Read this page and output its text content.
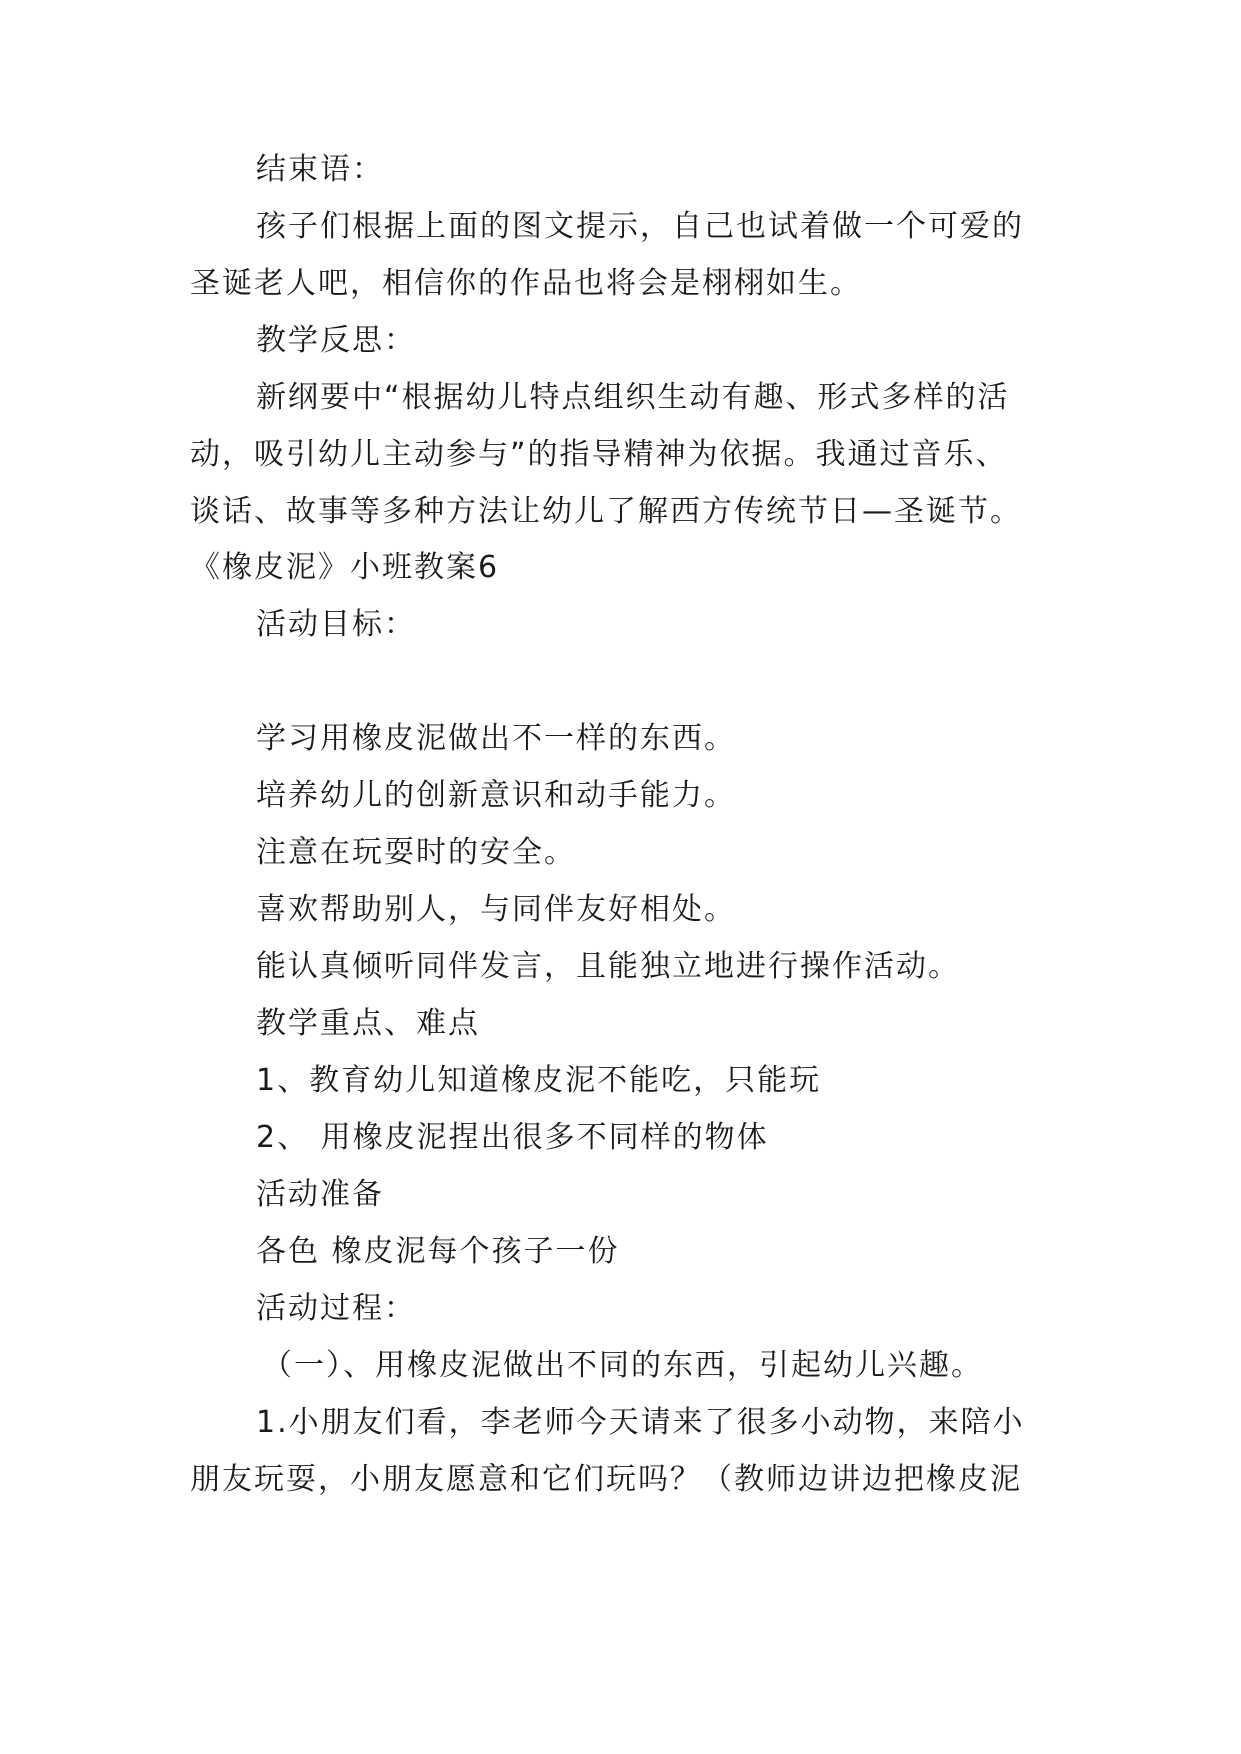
结束语：
孩子们根据上面的图文提示，自己也试着做一个可爱的
圣诞老人吧，相信你的作品也将会是栩栩如生。
教学反思：
新纲要中“根据幼儿特点组织生动有趣、形式多样的活
动，吸引幼儿主动参与”的指导精神为依据。我通过音乐、
谈话、故事等多种方法让幼儿了解西方传统节日—圣诞节。
《橡皮泥》小班教案6
活动目标：
学习用橡皮泥做出不一样的东西。
培养幼儿的创新意识和动手能力。
注意在玩耍时的安全。
喜欢帮助别人，与同伴友好相处。
能认真倾听同伴发言，且能独立地进行操作活动。
教学重点、难点
1、教育幼儿知道橡皮泥不能吃，只能玩
2、 用橡皮泥捏出很多不同样的物体
活动准备
各色 橡皮泥每个孩子一份
活动过程：
（一）、用橡皮泥做出不同的东西，引起幼儿兴趣。
1.小朋友们看，李老师今天请来了很多小动物，来陪小
朋友玩耍，小朋友愿意和它们玩吗？（教师边讲边把橡皮泥
